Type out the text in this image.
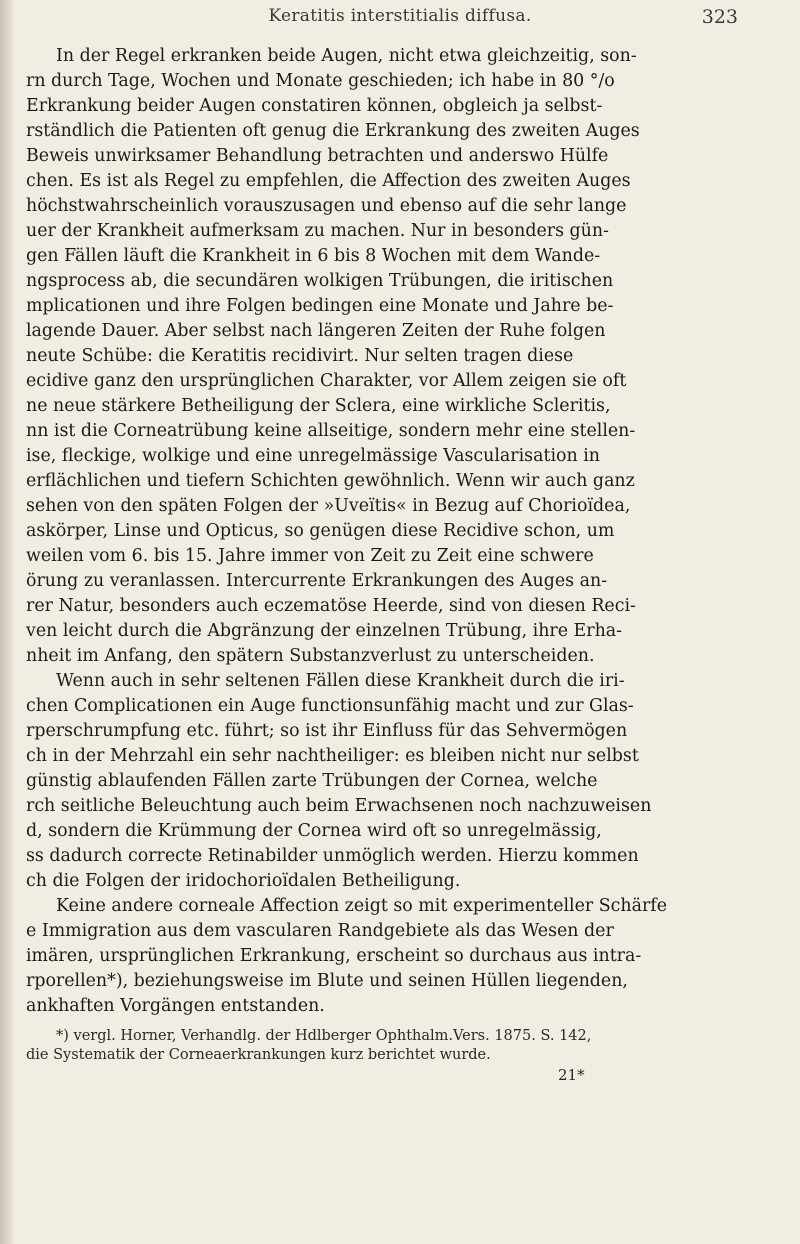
Keratitis interstitialis diffusa.	323
In der Regel erkranken beide Augen, nicht etwa gleichzeitig, son-
rn durch Tage, Wochen und Monate geschieden; ich habe in 80 °/o
Erkrankung beider Augen constatiren können, obgleich ja selbst-
rständlich die Patienten oft genug die Erkrankung des zweiten Auges
Beweis unwirksamer Behandlung betrachten und anderswo Hülfe
chen. Es ist als Regel zu empfehlen, die Affection des zweiten Auges
höchstwahrscheinlich vorauszusagen und ebenso auf die sehr lange
uer der Krankheit aufmerksam zu machen. Nur in besonders gün-
gen Fällen läuft die Krankheit in 6 bis 8 Wochen mit dem Wande-
ngsprocess ab, die secundären wolkigen Trübungen, die iritischen
mplicationen und ihre Folgen bedingen eine Monate und Jahre be-
lagende Dauer. Aber selbst nach längeren Zeiten der Ruhe folgen
neute Schübe: die Keratitis recidivirt. Nur selten tragen diese
ecidive ganz den ursprünglichen Charakter, vor Allem zeigen sie oft
ne neue stärkere Betheiligung der Sclera, eine wirkliche Scleritis,
nn ist die Corneatrübung keine allseitige, sondern mehr eine stellen-
ise, fleckige, wolkige und eine unregelmässige Vascularisation in
erflächlichen und tiefern Schichten gewöhnlich. Wenn wir auch ganz
sehen von den späten Folgen der »Uveïtis« in Bezug auf Chorioïdea,
askörper, Linse und Opticus, so genügen diese Recidive schon, um
weilen vom 6. bis 15. Jahre immer von Zeit zu Zeit eine schwere
örung zu veranlassen. Intercurrente Erkrankungen des Auges an-
rer Natur, besonders auch eczematöse Heerde, sind von diesen Reci-
ven leicht durch die Abgränzung der einzelnen Trübung, ihre Erha-
nheit im Anfang, den spätern Substanzverlust zu unterscheiden.
Wenn auch in sehr seltenen Fällen diese Krankheit durch die iri-
chen Complicationen ein Auge functionsunfähig macht und zur Glas-
rperschrumpfung etc. führt; so ist ihr Einfluss für das Sehvermögen
ch in der Mehrzahl ein sehr nachtheiliger: es bleiben nicht nur selbst
günstig ablaufenden Fällen zarte Trübungen der Cornea, welche
rch seitliche Beleuchtung auch beim Erwachsenen noch nachzuweisen
d, sondern die Krümmung der Cornea wird oft so unregelmässig,
ss dadurch correcte Retinabilder unmöglich werden. Hierzu kommen
ch die Folgen der iridochorioïdalen Betheiligung.
Keine andere corneale Affection zeigt so mit experimenteller Schärfe
e Immigration aus dem vascularen Randgebiete als das Wesen der
imären, ursprünglichen Erkrankung, erscheint so durchaus aus intra-
rporellen*), beziehungsweise im Blute und seinen Hüllen liegenden,
ankhaften Vorgängen entstanden.
*) vergl. Horner, Verhandlg. der Hdlberger Ophthalm.Vers. 1875. S. 142,
die Systematik der Corneaerkrankungen kurz berichtet wurde.
21*
